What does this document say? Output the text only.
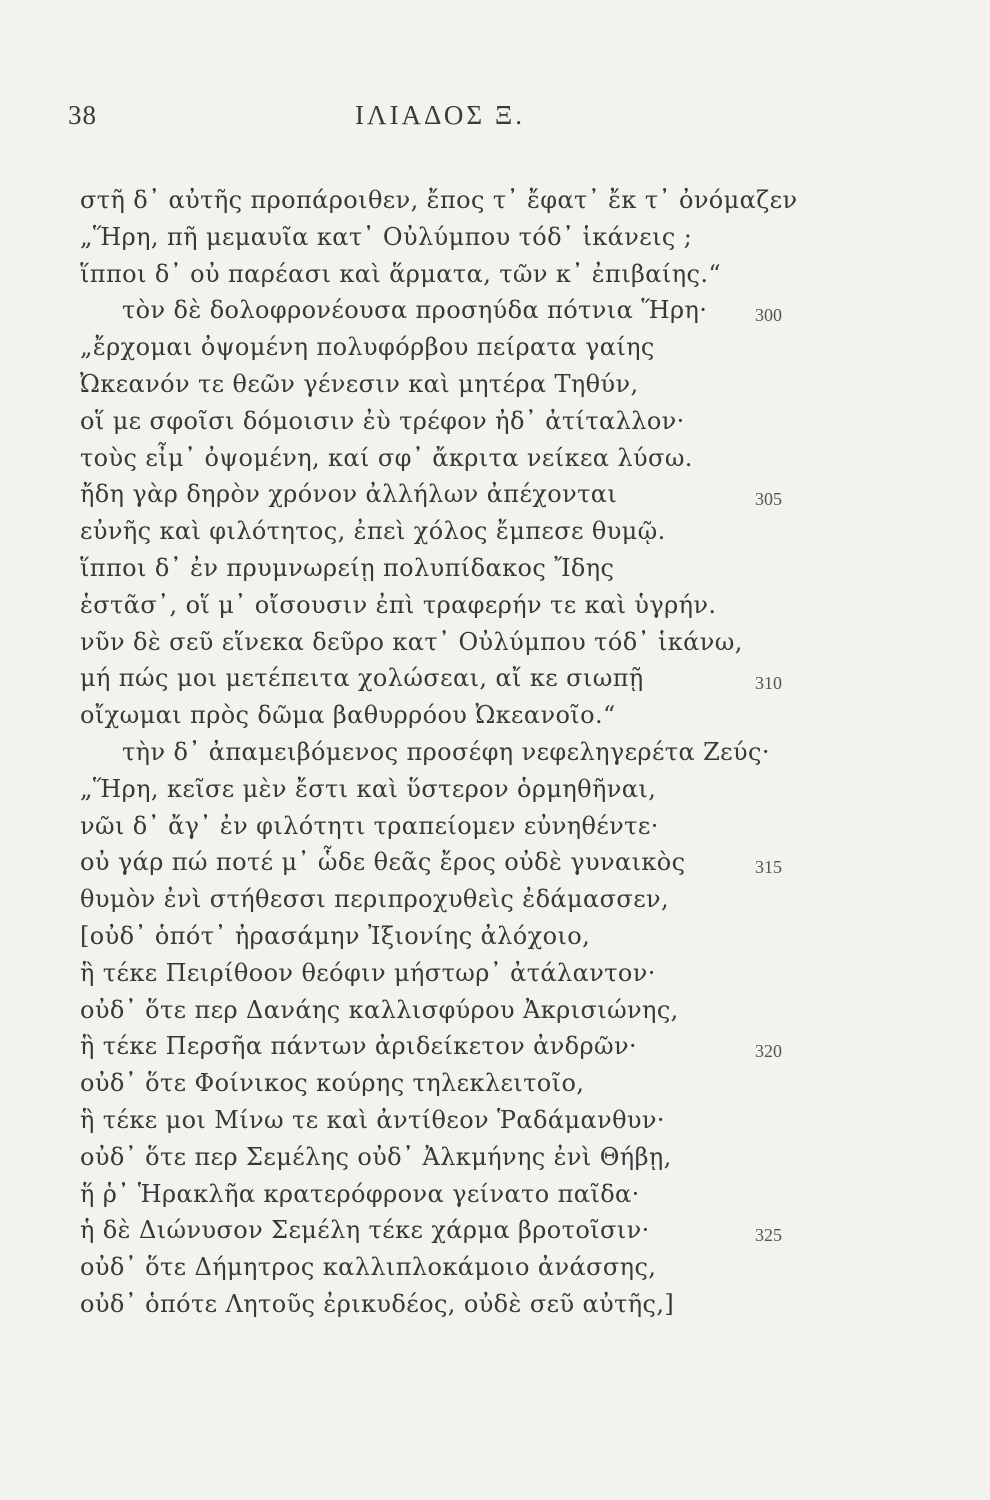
38	ΙΛΙΑΔΟΣ Ξ.
στῆ δ᾽ αὐτῆς προπάροιθεν, ἔπος τ᾽ ἔφατ᾽ ἔκ τ᾽ ὀνόμαζεν
„Ἥρη, πῆ μεμαυῖα κατ᾽ Οὐλύμπου τόδ᾽ ἱκάνεις ;
ἵπποι δ᾽ οὐ παρέασι καὶ ἅρματα, τῶν κ᾽ ἐπιβαίης.“
τὸν δὲ δολοφρονέουσα προσηύδα πότνια Ἥρη·	300
„ἔρχομαι ὀψομένη πολυφόρβου πείρατα γαίης
Ὠκεανόν τε θεῶν γένεσιν καὶ μητέρα Τηθύν,
οἵ με σφοῖσι δόμοισιν ἐὺ τρέφον ἠδ᾽ ἀτίταλλον·
τοὺς εἶμ᾽ ὀψομένη, καί σφ᾽ ἄκριτα νείκεα λύσω.
ἤδη γὰρ δηρὸν χρόνον ἀλλήλων ἀπέχονται	305
εὐνῆς καὶ φιλότητος, ἐπεὶ χόλος ἔμπεσε θυμῷ.
ἵπποι δ᾽ ἐν πρυμνωρείῃ πολυπίδακος Ἴδης
ἑστᾶσ᾽, οἵ μ᾽ οἴσουσιν ἐπὶ τραφερήν τε καὶ ὑγρήν.
νῦν δὲ σεῦ εἵνεκα δεῦρο κατ᾽ Οὐλύμπου τόδ᾽ ἱκάνω,
μή πώς μοι μετέπειτα χολώσεαι, αἴ κε σιωπῇ	310
οἴχωμαι πρὸς δῶμα βαθυρρόου Ὠκεανοῖο.“
τὴν δ᾽ ἀπαμειβόμενος προσέφη νεφεληγερέτα Ζεύς·
„Ἥρη, κεῖσε μὲν ἔστι καὶ ὕστερον ὁρμηθῆναι,
νῶι δ᾽ ἄγ᾽ ἐν φιλότητι τραπείομεν εὐνηθέντε·
οὐ γάρ πώ ποτέ μ᾽ ὧδε θεᾶς ἔρος οὐδὲ γυναικὸς	315
θυμὸν ἐνὶ στήθεσσι περιπροχυθεὶς ἐδάμασσεν,
[οὐδ᾽ ὁπότ᾽ ἠρασάμην Ἰξιονίης ἀλόχοιο,
ἣ τέκε Πειρίθοον θεόφιν μήστωρ᾽ ἀτάλαντον·
οὐδ᾽ ὅτε περ Δανάης καλλισφύρου Ἀκρισιώνης,
ἣ τέκε Περσῆα πάντων ἀριδείκετον ἀνδρῶν·	320
οὐδ᾽ ὅτε Φοίνικος κούρης τηλεκλειτοῖο,
ἣ τέκε μοι Μίνω τε καὶ ἀντίθεον Ῥαδάμανθυν·
οὐδ᾽ ὅτε περ Σεμέλης οὐδ᾽ Ἀλκμήνης ἐνὶ Θήβῃ,
ἥ ῥ᾽ Ἡρακλῆα κρατερόφρονα γείνατο παῖδα·
ἡ δὲ Διώνυσον Σεμέλη τέκε χάρμα βροτοῖσιν·	325
οὐδ᾽ ὅτε Δήμητρος καλλιπλοκάμοιο ἀνάσσης,
οὐδ᾽ ὁπότε Λητοῦς ἐρικυδέος, οὐδὲ σεῦ αὐτῆς,]
